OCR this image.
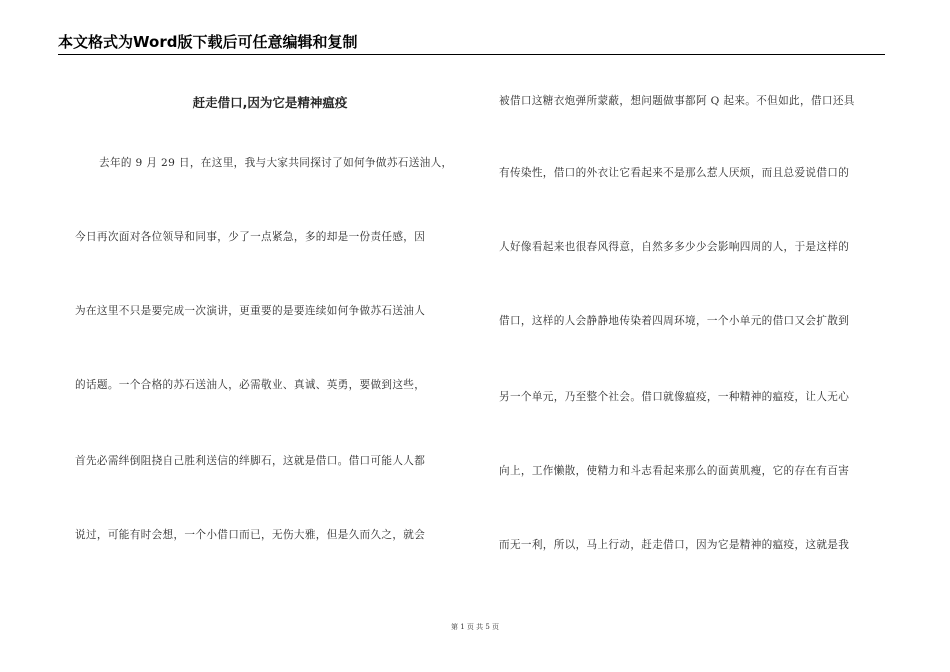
本文格式为Word版下载后可任意编辑和复制
赶走借口,因为它是精神瘟疫
去年的 9 月 29 日，在这里，我与大家共同探讨了如何争做苏石送油人，
今日再次面对各位领导和同事，少了一点紧急，多的却是一份责任感，因
为在这里不只是要完成一次演讲，更重要的是要连续如何争做苏石送油人
的话题。一个合格的苏石送油人，必需敬业、真诚、英勇，要做到这些，
首先必需绊倒阻挠自己胜利送信的绊脚石，这就是借口。借口可能人人都
说过，可能有时会想，一个小借口而已，无伤大雅，但是久而久之，就会
被借口这糖衣炮弹所蒙蔽，想问题做事都阿 Q 起来。不但如此，借口还具
有传染性，借口的外衣让它看起来不是那么惹人厌烦，而且总爱说借口的
人好像看起来也很春风得意，自然多多少少会影响四周的人，于是这样的
借口，这样的人会静静地传染着四周环境，一个小单元的借口又会扩散到
另一个单元，乃至整个社会。借口就像瘟疫，一种精神的瘟疫，让人无心
向上，工作懒散，使精力和斗志看起来那么的面黄肌瘦，它的存在有百害
而无一利，所以，马上行动，赶走借口，因为它是精神的瘟疫，这就是我
第 1 页 共 5 页
